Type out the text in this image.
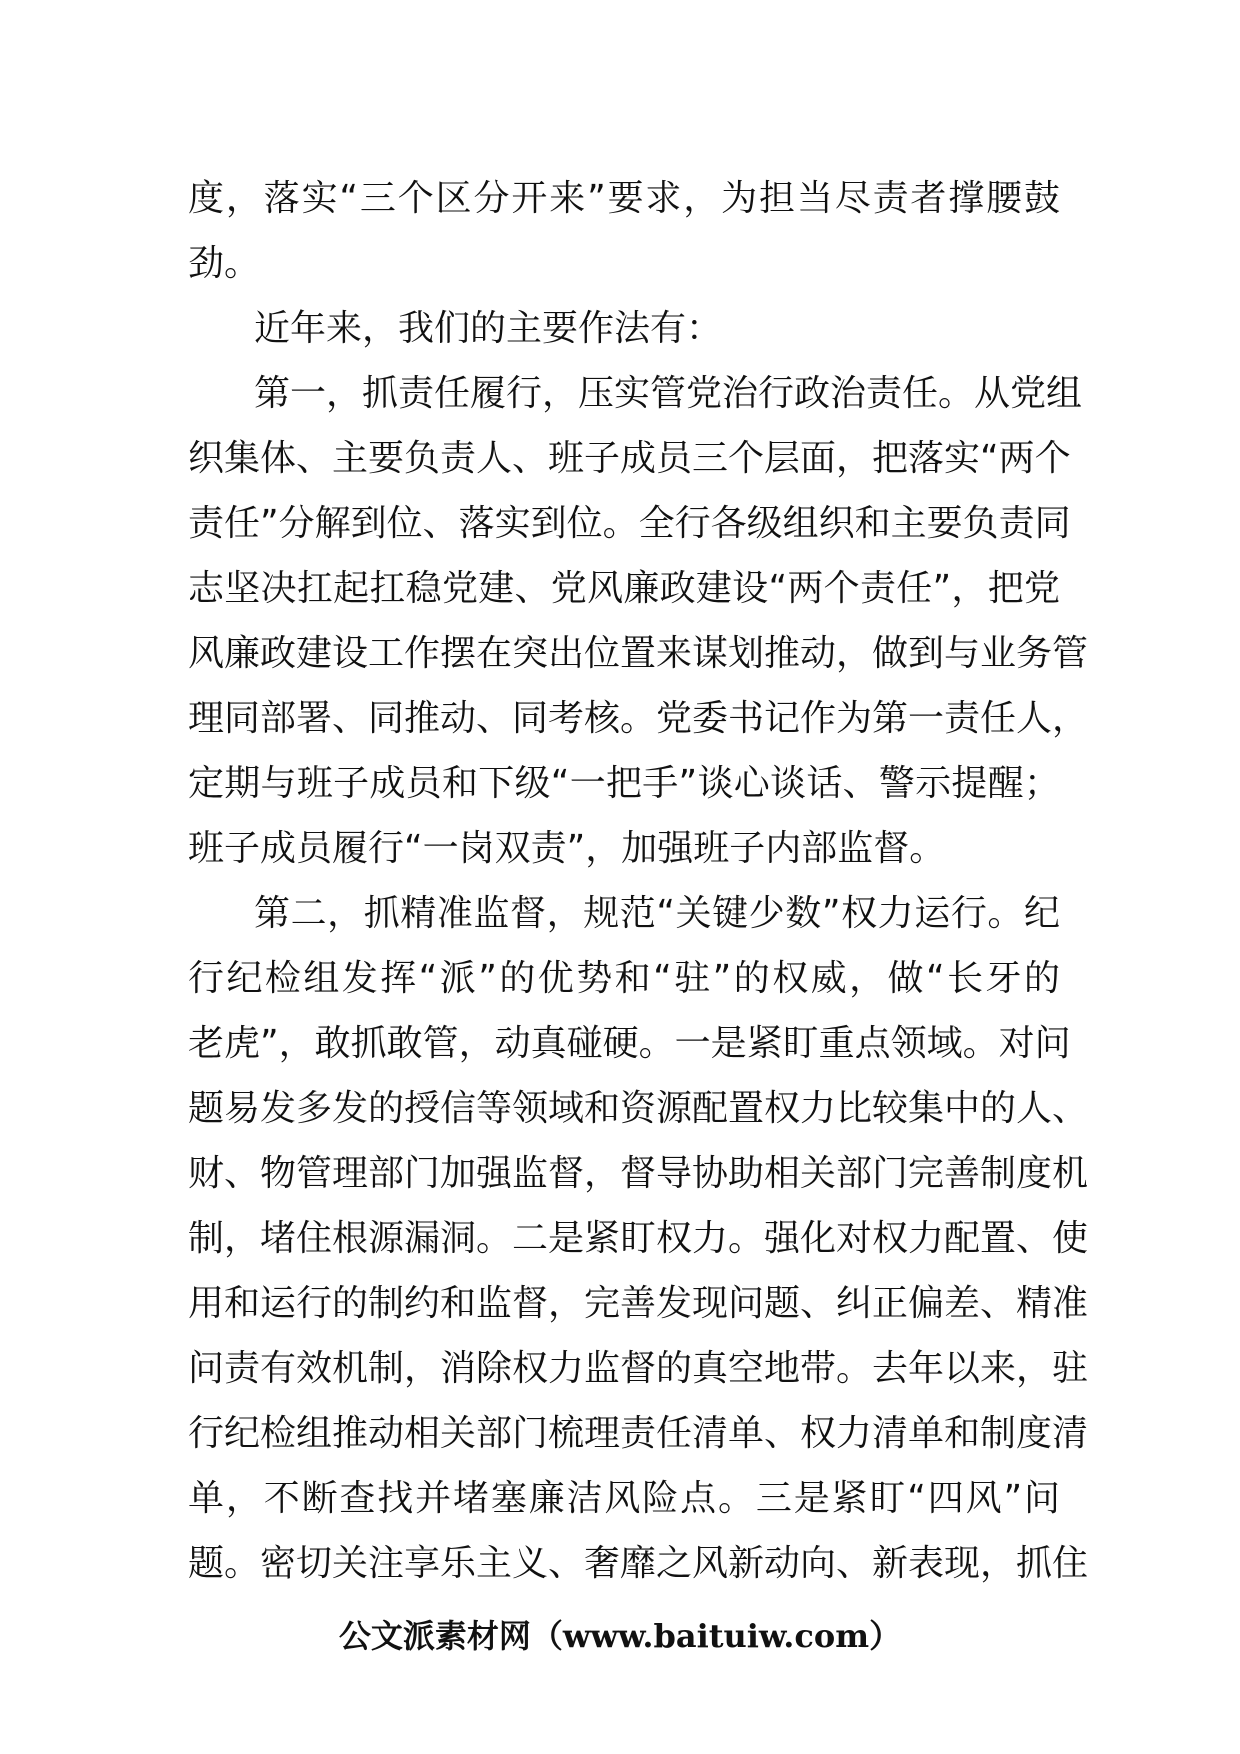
度，落实“三个区分开来”要求，为担当尽责者撑腰鼓
劲。
近年来，我们的主要作法有：
第一，抓责任履行，压实管党治行政治责任。从党组
织集体、主要负责人、班子成员三个层面，把落实“两个
责任”分解到位、落实到位。全行各级组织和主要负责同
志坚决扛起扛稳党建、党风廉政建设“两个责任”，把党
风廉政建设工作摆在突出位置来谋划推动，做到与业务管
理同部署、同推动、同考核。党委书记作为第一责任人，
定期与班子成员和下级“一把手”谈心谈话、警示提醒；
班子成员履行“一岗双责”，加强班子内部监督。
第二，抓精准监督，规范“关键少数”权力运行。纪
行纪检组发挥“派”的优势和“驻”的权威，做“长牙的
老虎”，敢抓敢管，动真碰硬。一是紧盯重点领域。对问
题易发多发的授信等领域和资源配置权力比较集中的人、
财、物管理部门加强监督，督导协助相关部门完善制度机
制，堵住根源漏洞。二是紧盯权力。强化对权力配置、使
用和运行的制约和监督，完善发现问题、纠正偏差、精准
问责有效机制，消除权力监督的真空地带。去年以来，驻
行纪检组推动相关部门梳理责任清单、权力清单和制度清
单，不断查找并堵塞廉洁风险点。三是紧盯“四风”问
题。密切关注享乐主义、奢靡之风新动向、新表现，抓住
公文派素材网（www.baituiw.com）
